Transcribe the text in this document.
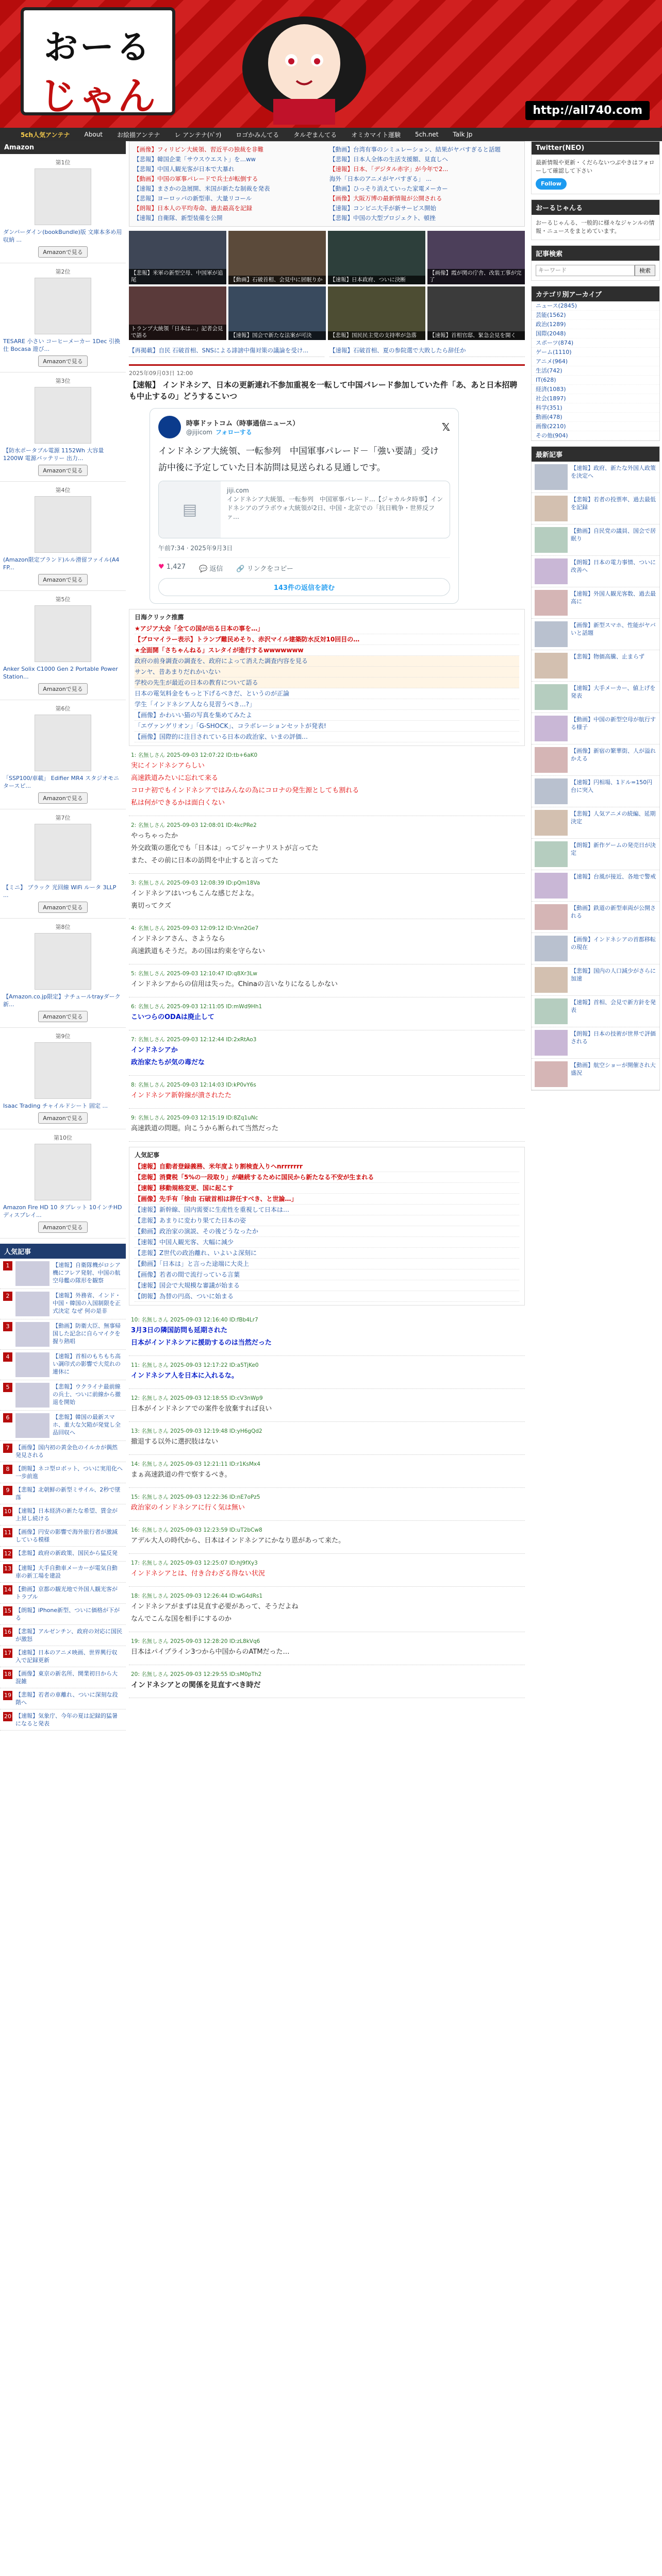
おーる
じゃん	http://all740.com
5ch人気アンテナ About お絵描アンテナ レ アンテナ(ﾊﾟﾂ) ロゴかみんてる タルぞまんてる オミカマイト運験 5ch.net Talk Jp
Amazon
第1位
ダンバーダイン(bookBundle)版 文庫本多め用収納 ...
Amazonで見る
第2位
TESARE 小さい コーヒーメーカー 1Dec 引換仕 Bocasa 遊び...
Amazonで見る
第3位
【防水ポータブル電源 1152Wh 大容量 1200W 電源バッテリー 出力...
Amazonで見る
第4位
(Amazon限定ブランド)ルル滑留ファイル(A4 FP...
Amazonで見る
第5位
Anker Solix C1000 Gen 2 Portable Power Station...
Amazonで見る
第6位
「SSP100/車載」 Edifier MR4 スタジオモニタースピ...
Amazonで見る
第7位
【ミニ】 ブラック 光回線 WiFi ルータ 3LLP ...
Amazonで見る
第8位
【Amazon.co.jp限定】ナチュールtrayダーク 新...
Amazonで見る
第9位
Isaac Trading チャイルドシート 固定 ...
Amazonで見る
第10位
Amazon Fire HD 10 タブレット 10インチHD ディスプレイ...
Amazonで見る
人気記事
1	【速報】自衛隊機がロシア機にフレア発射、中国の航空母艦の隊形を観察
2	【速報】外務省、インド・中国・韓国の入国制限を正式決定 なぜ 何の是非
3	【動画】防衛大臣、無事帰国した記念に自らマイクを握り熱唱
4	【速報】首相のもちもち高い調印式の影響で大荒れの連休に
5	【悲報】ウクライナ最前線の兵士、ついに前線から撤退を開始
6	【悲報】韓国の最新スマホ、重大な欠陥が発覚し全品回収へ
7	【画像】国内初の黄金色のイルカが偶然発見される
8	【朗報】ネコ型ロボット、ついに実用化へ一歩前進
9	【悲報】北朝鮮の新型ミサイル、2秒で墜落
10 【速報】日本経済の新たな希望、賃金が上昇し続ける
11 【画像】円安の影響で海外旅行者が激減している模様
12 【悲報】政府の新政策、国民から猛反発
13 【速報】大手自動車メーカーが電気自動車の新工場を建設
14 【動画】京都の観光地で外国人観光客がトラブル
15 【朗報】iPhone新型、ついに価格が下がる
16 【悲報】アルゼンチン、政府の対応に国民が激怒
17 【速報】日本のアニメ映画、世界興行収入で記録更新
18 【画像】東京の新名所、開業初日から大混雑
19 【悲報】若者の車離れ、ついに深刻な段階へ
20 【速報】気象庁、今年の夏は記録的猛暑になると発表
【画像】フィリピン大統領、習近平の独裁を非難	【動画】台湾有事のシミュレーション、結果がヤバすぎると話題
【悲報】韓国企業「サウスウエスト」を…ww	【悲報】日本人全体の生活支援額、見直しへ
【悲報】中国人観光客が日本で大暴れ	【速報】日本、「デジタル赤字」が今年で2...
【動画】中国の軍事パレードで兵士が転倒する	海外「日本のアニメがヤバすぎる」 ...
【速報】まさかの急展開、米国が新たな制裁を発表	【動画】ひっそり消えていった家電メーカー
【悲報】ヨーロッパの新型車、大量リコール	【画像】大阪万博の最新情報が公開される
【朗報】日本人の平均寿命、過去最高を記録	【速報】コンビニ大手が新サービス開始
【速報】自衛隊、新型装備を公開	【悲報】中国の大型プロジェクト、頓挫
【悲報】米軍の新型空母、中国軍が追尾	【動画】石破首相、会見中に居眠りか	【速報】日本政府、ついに決断
【画像】霞が関の庁舎、改装工事が完了
トランプ大統領「日本は…」記者会見で語る	【速報】国会で新たな法案が可決	【悲報】国民民主党の支持率が急落	【速報】首相官邸、緊急会見を開く
【再掲載】自民 石破首相、SNSによる誹謗中傷対策の議論を受け...	【速報】石破首相、夏の参院選で大敗したら辞任か
2025年09月03日 12:00
【速報】 インドネシア、日本の更新連れ不参加重視を一転して中国パレード参加していた件「あ、あと日本招聘も中止するの」どうするこいつ
時事ドットコム（時事通信ニュース）
@jijicom フォローする	𝕏
インドネシア大統領、一転参列　中国軍事パレード－「強い要請」受け
訪中後に予定していた日本訪問は見送られる見通しです。
▤
jiji.com
インドネシア大統領、一転参列　中国軍事パレード…【ジャカルタ時事】インドネシアのプラボウォ大統領が2日、中国・北京での「抗日戦争・世界反ファ…
午前7:34 · 2025年9月3日
♥ 1,427 💬 返信 🔗 リンクをコピー
143件の返信を読む
日海クリック推薦
★アジア大会「全ての国が出る日本の事を…」
【ブロマイラー表示】トランプ難民めそり、赤沢マイル建築防水反対10回目の…
★全面開「さちゃんねる」スレタイが進行するwwwwwww
政府の前身調査の調査を、政府によって消えた調査内容を見る
サンヤ、昔あまりだれかいない
学校の先生が最近の日本の教育について語る
日本の電気料金をもっと下げるべきだ、というのが正論
学生「インドネシア人なら見習うべき…?」
【画像】かわいい猫の写真を集めてみたよ
「エヴァンゲリオン」「G-SHOCK」、コラボレーションセットが発表!
【画像】国際的に注目されている日本の政治家、いまの評価…
1: 名無しさん 2025-09-03 12:07:22 ID:tb+6aK0
実にインドネシアらしい
高速鉄道みたいに忘れて来る
コロナ初でもインドネシアではみんなの為にコロナの発生源としても割れる
私は何ができるかは面白くない
2: 名無しさん 2025-09-03 12:08:01 ID:4kcPRe2
やっちゃったか
外交政策の悪化でも「日本は」ってジャーナリストが言ってた
また、その前に日本の訪問を中止すると言ってた
3: 名無しさん 2025-09-03 12:08:39 ID:pQm18Va
インドネシアはいつもこんな感じだよな。
裏切ってクズ
4: 名無しさん 2025-09-03 12:09:12 ID:Vnn2Ge7
インドネシアさん、さようなら
高速鉄道もそうだ。あの国は約束を守らない
5: 名無しさん 2025-09-03 12:10:47 ID:q8Xr3Lw
インドネシアからの信用は失った。Chinaの言いなりになるしかない
6: 名無しさん 2025-09-03 12:11:05 ID:mWd9Hh1
こいつらのODAは廃止して
7: 名無しさん 2025-09-03 12:12:44 ID:2xRtAo3
インドネシアか
政治家たちが気の毒だな
8: 名無しさん 2025-09-03 12:14:03 ID:kP0vY6s
インドネシア新幹線が潰されたた
9: 名無しさん 2025-09-03 12:15:19 ID:8Zq1uNc
高速鉄道の問題。向こうから断られて当然だった
人気記事
【速報】自動者登録義務、米年度より割検査入りへnrrrrrrr
【悲報】消費税「5%の一段取り」が継続するために国民から新たなる不安が生まれる
【速報】移動規格変更、国に起こす
【画像】先手有「徐由 石破首相は辞任すべき、と世論…」
【速報】新幹線、国内需要に生産性を重視して日本は…
【悲報】あまりに変わり果てた日本の姿
【動画】政治家の演説、その後どうなったか
【速報】中国人観光客、大幅に減少
【悲報】Z世代の政治離れ、いよいよ深刻に
【動画】「日本は」と言った途端に大炎上
【画像】若者の間で流行っている言葉
【速報】国会で大規模な審議が始まる
【朗報】為替の円高、ついに始まる
10: 名無しさん 2025-09-03 12:16:40 ID:fBb4Lr7
3月3日の隣国訪問も延期された
日本がインドネシアに援助するのは当然だった
11: 名無しさん 2025-09-03 12:17:22 ID:a5TjKe0
インドネシア人を日本に入れるな。
12: 名無しさん 2025-09-03 12:18:55 ID:cV3nWp9
日本がインドネシアでの案件を放棄すれば良い
13: 名無しさん 2025-09-03 12:19:48 ID:yH6gQd2
撤退する以外に選択肢はない
14: 名無しさん 2025-09-03 12:21:11 ID:r1KsMx4
まぁ高速鉄道の件で察するべき。
15: 名無しさん 2025-09-03 12:22:36 ID:nE7oPz5
政治家のインドネシアに行く気は無い
16: 名無しさん 2025-09-03 12:23:59 ID:uT2bCw8
アデル大人の時代から、日本はインドネシアにかなり恩があって来た。
17: 名無しさん 2025-09-03 12:25:07 ID:hJ9fXy3
インドネシアとは、付き合わざる得ない状況
18: 名無しさん 2025-09-03 12:26:44 ID:wG4dRs1
インドネシアがまずは見直す必要があって、そうだよね
なんでこんな国を相手にするのか
19: 名無しさん 2025-09-03 12:28:20 ID:zL8kVq6
日本はパイプライン3つから中国からのATMだった…
20: 名無しさん 2025-09-03 12:29:55 ID:sM0pTh2
インドネシアとの関係を見直すべき時だ
Twitter(NEO)
最新情報や更新・くだらないつぶやきはフォローして確認して下さい
Follow
おーるじゃんる
おーるじゃんる、一般的に様々なジャンルの情報・ニュースをまとめています。
記事検索
キーワード
検索
カテゴリ別アーカイブ
ニュース(2845)
芸能(1562)
政治(1289)
国際(2048)
スポーツ(874)
ゲーム(1110)
アニメ(964)
生活(742)
IT(628)
経済(1083)
社会(1897)
科学(351)
動画(478)
画像(2210)
その他(904)
最新記事
【速報】政府、新たな外国人政策を決定へ
【悲報】若者の投票率、過去最低を記録
【動画】自民党の議員、国会で居眠り
【朗報】日本の電力事情、ついに改善へ
【速報】外国人観光客数、過去最高に
【画像】新型スマホ、性能がヤバいと話題
【悲報】物価高騰、止まらず
【速報】大手メーカー、値上げを発表
【動画】中国の新型空母が航行する様子
【画像】新宿の繁華街、人が溢れかえる
【速報】円相場、1ドル=150円台に突入
【悲報】人気アニメの続編、延期決定
【朗報】新作ゲームの発売日が決定
【速報】台風が接近、各地で警戒
【動画】鉄道の新型車両が公開される
【画像】インドネシアの首都移転の現在
【悲報】国内の人口減少がさらに加速
【速報】首相、会見で新方針を発表
【朗報】日本の技術が世界で評価される
【動画】航空ショーが開催され大盛況
